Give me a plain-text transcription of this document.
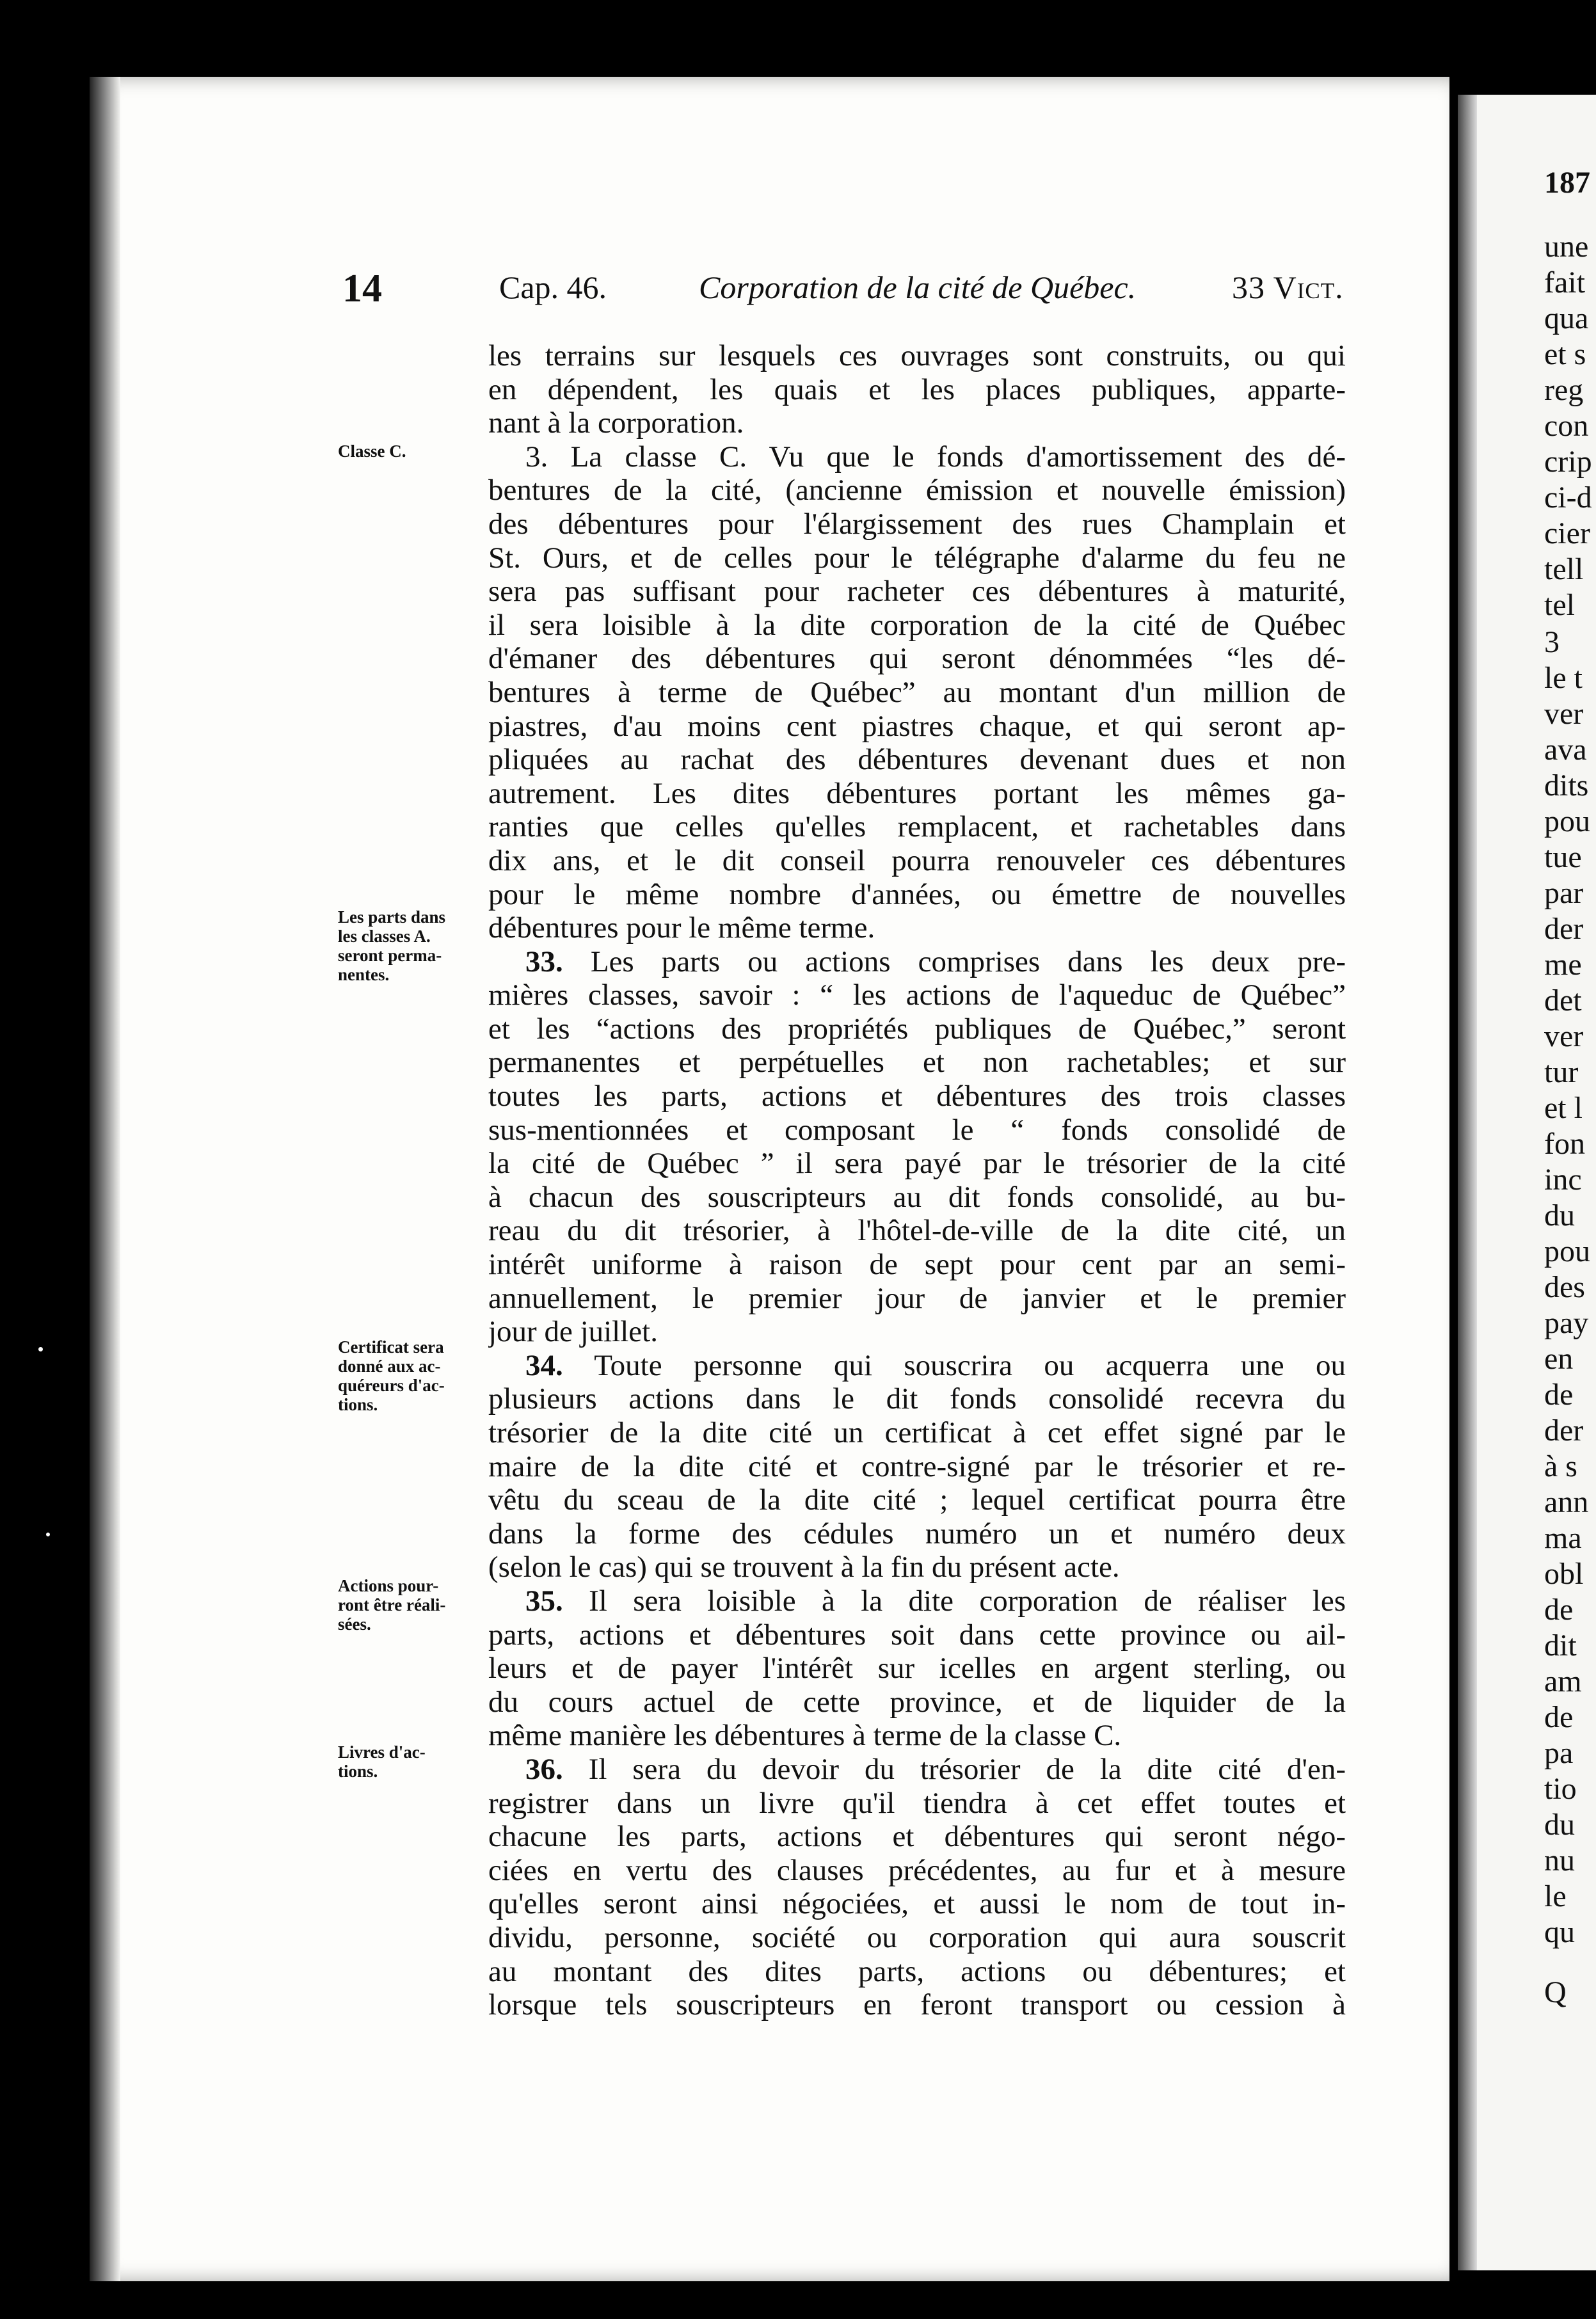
187
une
fait
qua
et s
reg
con
crip
ci-d
cier
tell
tel
3
le t
ver
ava
dits
pou
tue
par
der
me
det
ver
tur
et l
fon
inc
du
pou
des
pay
en
de
der
à s
ann
ma
obl
de
dit
am
de
pa
tio
du
nu
le
qu
Q
14	Cap. 46.	Corporation de la cité de Québec.	33 Vict.
les terrains sur lesquels ces ouvrages sont construits, ou qui
en dépendent, les quais et les places publiques, apparte-
nant à la corporation.
3. La classe C. Vu que le fonds d'amortissement des dé-
bentures de la cité, (ancienne émission et nouvelle émission)
des débentures pour l'élargissement des rues Champlain et
St. Ours, et de celles pour le télégraphe d'alarme du feu ne
sera pas suffisant pour racheter ces débentures à maturité,
il sera loisible à la dite corporation de la cité de Québec
d'émaner des débentures qui seront dénommées “les dé-
bentures à terme de Québec” au montant d'un million de
piastres, d'au moins cent piastres chaque, et qui seront ap-
pliquées au rachat des débentures devenant dues et non
autrement. Les dites débentures portant les mêmes ga-
ranties que celles qu'elles remplacent, et rachetables dans
dix ans, et le dit conseil pourra renouveler ces débentures
pour le même nombre d'années, ou émettre de nouvelles
débentures pour le même terme.
33. Les parts ou actions comprises dans les deux pre-
mières classes, savoir : “ les actions de l'aqueduc de Québec”
et les “actions des propriétés publiques de Québec,” seront
permanentes et perpétuelles et non rachetables; et sur
toutes les parts, actions et débentures des trois classes
sus-mentionnées et composant le “ fonds consolidé de
la cité de Québec ” il sera payé par le trésorier de la cité
à chacun des souscripteurs au dit fonds consolidé, au bu-
reau du dit trésorier, à l'hôtel-de-ville de la dite cité, un
intérêt uniforme à raison de sept pour cent par an semi-
annuellement, le premier jour de janvier et le premier
jour de juillet.
34. Toute personne qui souscrira ou acquerra une ou
plusieurs actions dans le dit fonds consolidé recevra du
trésorier de la dite cité un certificat à cet effet signé par le
maire de la dite cité et contre-signé par le trésorier et re-
vêtu du sceau de la dite cité ; lequel certificat pourra être
dans la forme des cédules numéro un et numéro deux
(selon le cas) qui se trouvent à la fin du présent acte.
35. Il sera loisible à la dite corporation de réaliser les
parts, actions et débentures soit dans cette province ou ail-
leurs et de payer l'intérêt sur icelles en argent sterling, ou
du cours actuel de cette province, et de liquider de la
même manière les débentures à terme de la classe C.
36. Il sera du devoir du trésorier de la dite cité d'en-
registrer dans un livre qu'il tiendra à cet effet toutes et
chacune les parts, actions et débentures qui seront négo-
ciées en vertu des clauses précédentes, au fur et à mesure
qu'elles seront ainsi négociées, et aussi le nom de tout in-
dividu, personne, société ou corporation qui aura souscrit
au montant des dites parts, actions ou débentures; et
lorsque tels souscripteurs en feront transport ou cession à
Classe C.
Les parts dans
les classes A.
seront perma-
nentes.
Certificat sera
donné aux ac-
quéreurs d'ac-
tions.
Actions pour-
ront être réali-
sées.
Livres d'ac-
tions.
